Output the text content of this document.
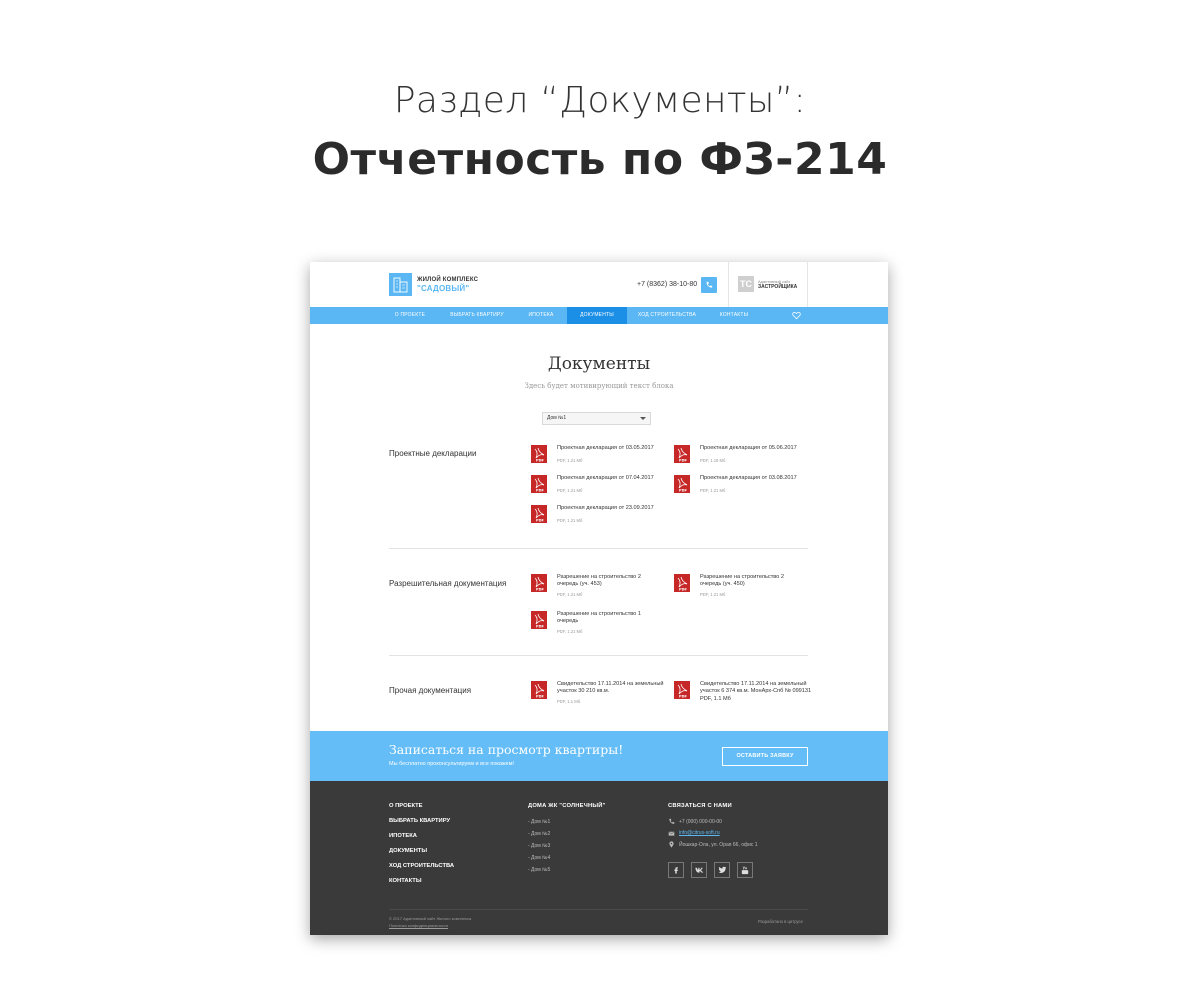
Раздел “Документы”:
Отчетность по ФЗ-214
ЖИЛОЙ КОМПЛЕКС
"САДОВЫЙ"	+7 (8362) 38-10-80	ТС	Адаптивный сайт
ЗАСТРОЙЩИКА
О ПРОЕКТЕ	ВЫБРАТЬ КВАРТИРУ	ИПОТЕКА	ДОКУМЕНТЫ	ХОД СТРОИТЕЛЬСТВА	КОНТАКТЫ
Документы
Здесь будет мотивирующий текст блока
Дом №1
Проектные декларации
PDF
Проектная декларация от 03.05.2017
PDF, 1.21 Мб	PDF
Проектная декларация от 05.06.2017
PDF, 1.19 Мб
PDF
Проектная декларация от 07.04.2017
PDF, 1.21 Мб	PDF
Проектная декларация от 03.08.2017
PDF, 1.21 Мб
PDF
Проектная декларация от 23.09.2017
PDF, 1.21 Мб
Разрешительная документация
PDF
Разрешение на строительство 2 очередь (уч. 453)
PDF, 1.21 Мб
PDF
Разрешение на строительство 2 очередь (уч. 450)
PDF, 1.21 Мб
PDF
Разрешение на строительство 1 очередь
PDF, 1.21 Мб
Прочая документация
PDF
Свидетельство 17.11.2014 на земельный участок 30 210 кв.м.
PDF, 1.1 Мб
PDF
Свидетельство 17.11.2014 на земельный участок 6 374 кв.м. МонАрх-Спб № 099131
PDF, 1.1 Мб
Записаться на просмотр квартиры!
Мы бесплатно проконсультируем и все покажем!
ОСТАВИТЬ ЗАЯВКУ
О ПРОЕКТЕ
ВЫБРАТЬ КВАРТИРУ
ИПОТЕКА
ДОКУМЕНТЫ
ХОД СТРОИТЕЛЬСТВА
КОНТАКТЫ
ДОМА ЖК "СОЛНЕЧНЫЙ"
- Дом №1
- Дом №2
- Дом №3
- Дом №4
- Дом №5
СВЯЗАТЬСЯ С НАМИ
+7 (000) 000-00-00
info@citrus-soft.ru
Йошкар-Ола, ул. Орая 66, офис 1
© 2017 Адаптивный сайт Жилого комплекса
Политика конфиденциальности
Разработано в цитрусе
